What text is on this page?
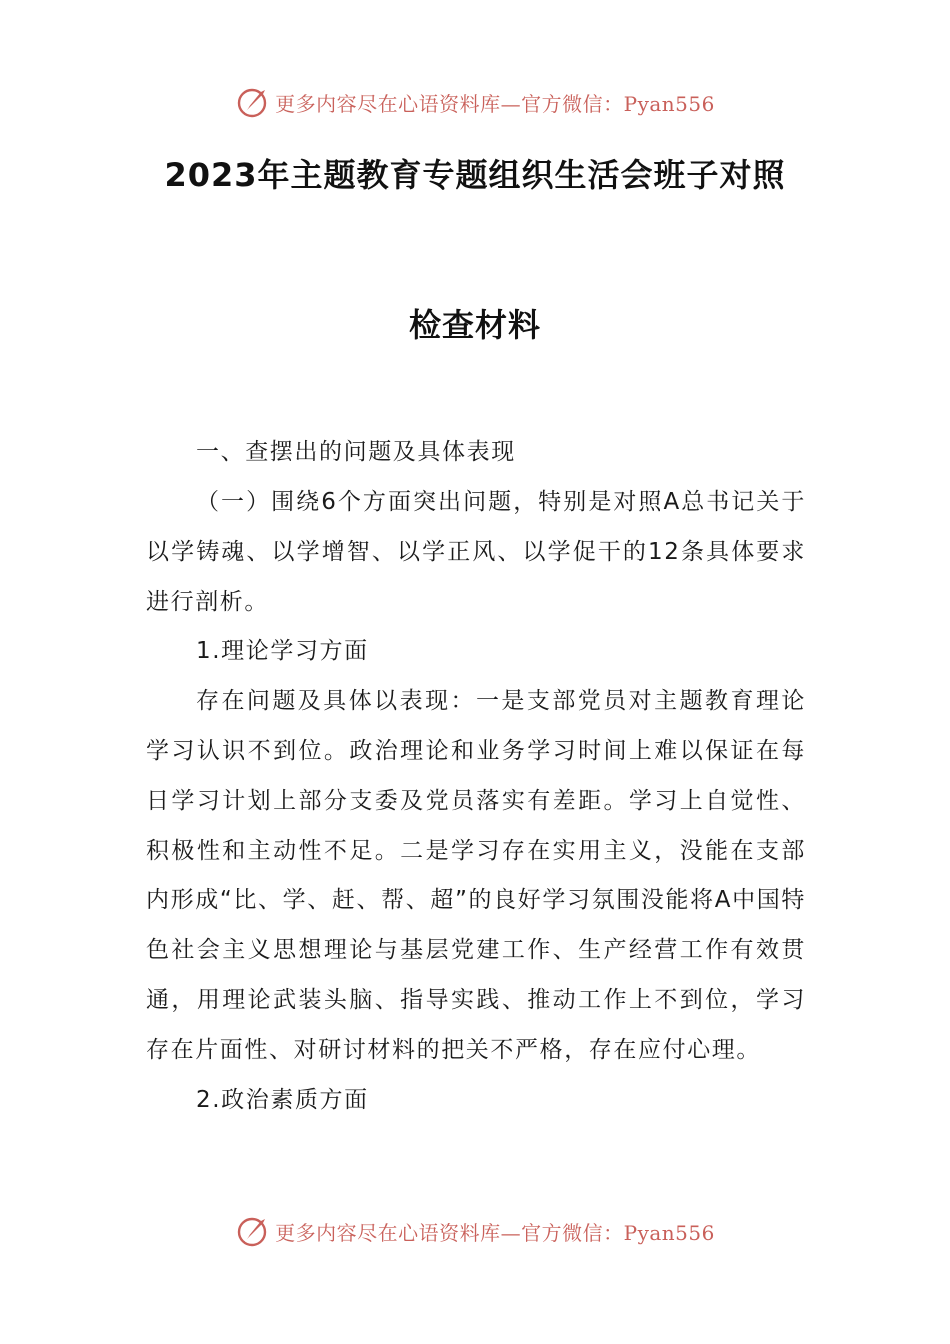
更多内容尽在心语资料库—官方微信：Pyan556
2023年主题教育专题组织生活会班子对照
检查材料

一、查摆出的问题及具体表现

（一）围绕6个方面突出问题，特别是对照A总书记关于以学铸魂、以学增智、以学正风、以学促干的12条具体要求进行剖析。

1.理论学习方面

存在问题及具体以表现：一是支部党员对主题教育理论学习认识不到位。政治理论和业务学习时间上难以保证在每日学习计划上部分支委及党员落实有差距。学习上自觉性、积极性和主动性不足。二是学习存在实用主义，没能在支部内形成“比、学、赶、帮、超”的良好学习氛围没能将A中国特色社会主义思想理论与基层党建工作、生产经营工作有效贯通，用理论武装头脑、指导实践、推动工作上不到位，学习存在片面性、对研讨材料的把关不严格，存在应付心理。

2.政治素质方面

更多内容尽在心语资料库—官方微信：Pyan556
